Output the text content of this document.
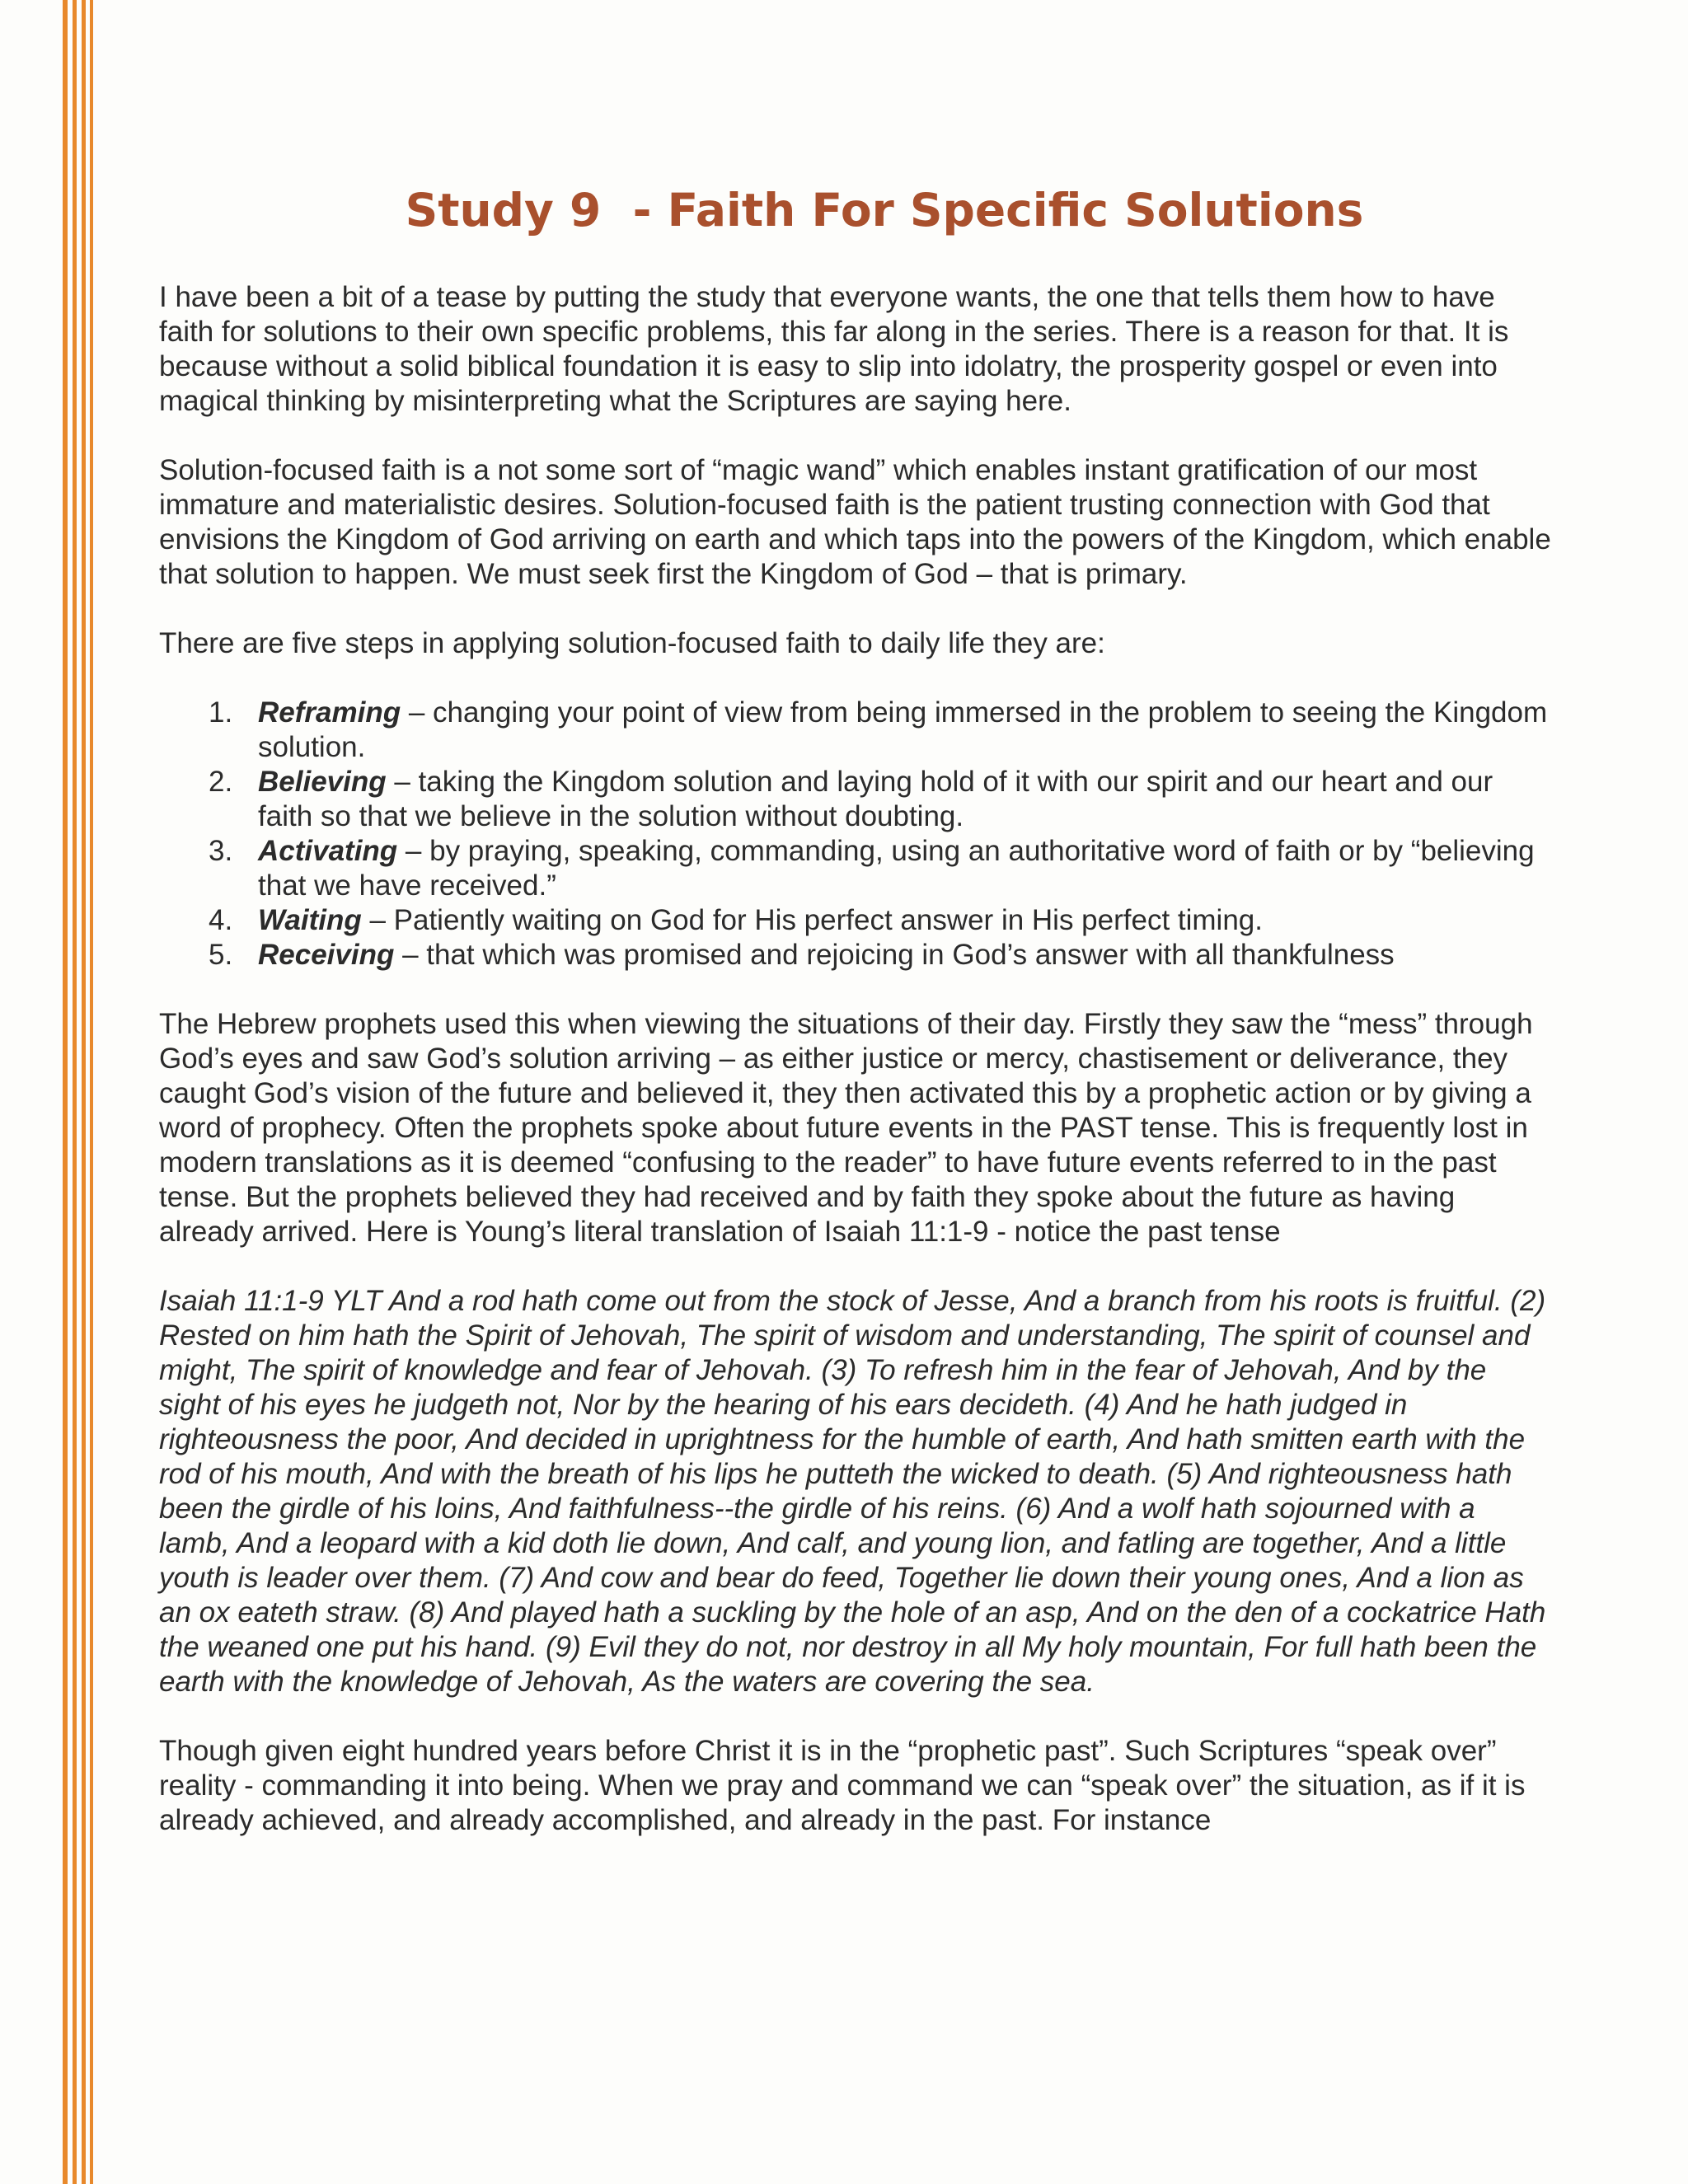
Study 9  - Faith For Specific Solutions

I have been a bit of a tease by putting the study that everyone wants, the one that tells them how to have faith for solutions to their own specific problems, this far along in the series. There is a reason for that. It is because without a solid biblical foundation it is easy to slip into idolatry, the prosperity gospel or even into magical thinking by misinterpreting what the Scriptures are saying here.

Solution-focused faith is a not some sort of “magic wand” which enables instant gratification of our most immature and materialistic desires. Solution-focused faith is the patient trusting connection with God that envisions the Kingdom of God arriving on earth and which taps into the powers of the Kingdom, which enable that solution to happen. We must seek first the Kingdom of God – that is primary.

There are five steps in applying solution-focused faith to daily life they are:

1. Reframing – changing your point of view from being immersed in the problem to seeing the Kingdom solution.
2. Believing – taking the Kingdom solution and laying hold of it with our spirit and our heart and our faith so that we believe in the solution without doubting.
3. Activating – by praying, speaking, commanding, using an authoritative word of faith or by “believing that we have received.”
4. Waiting – Patiently waiting on God for His perfect answer in His perfect timing.
5. Receiving – that which was promised and rejoicing in God’s answer with all thankfulness

The Hebrew prophets used this when viewing the situations of their day. Firstly they saw the “mess” through God’s eyes and saw God’s solution arriving – as either justice or mercy, chastisement or deliverance, they caught God’s vision of the future and believed it, they then activated this by a prophetic action or by giving a word of prophecy. Often the prophets spoke about future events in the PAST tense. This is frequently lost in modern translations as it is deemed “confusing to the reader” to have future events referred to in the past tense. But the prophets believed they had received and by faith they spoke about the future as having already arrived. Here is Young’s literal translation of Isaiah 11:1-9 - notice the past tense

Isaiah 11:1-9 YLT And a rod hath come out from the stock of Jesse, And a branch from his roots is fruitful. (2) Rested on him hath the Spirit of Jehovah, The spirit of wisdom and understanding, The spirit of counsel and might, The spirit of knowledge and fear of Jehovah. (3) To refresh him in the fear of Jehovah, And by the sight of his eyes he judgeth not, Nor by the hearing of his ears decideth. (4) And he hath judged in righteousness the poor, And decided in uprightness for the humble of earth, And hath smitten earth with the rod of his mouth, And with the breath of his lips he putteth the wicked to death. (5) And righteousness hath been the girdle of his loins, And faithfulness--the girdle of his reins. (6) And a wolf hath sojourned with a lamb, And a leopard with a kid doth lie down, And calf, and young lion, and fatling are together, And a little youth is leader over them. (7) And cow and bear do feed, Together lie down their young ones, And a lion as an ox eateth straw. (8) And played hath a suckling by the hole of an asp, And on the den of a cockatrice Hath the weaned one put his hand. (9) Evil they do not, nor destroy in all My holy mountain, For full hath been the earth with the knowledge of Jehovah, As the waters are covering the sea.

Though given eight hundred years before Christ it is in the “prophetic past”. Such Scriptures “speak over” reality - commanding it into being. When we pray and command we can “speak over” the situation, as if it is already achieved, and already accomplished, and already in the past. For instance
